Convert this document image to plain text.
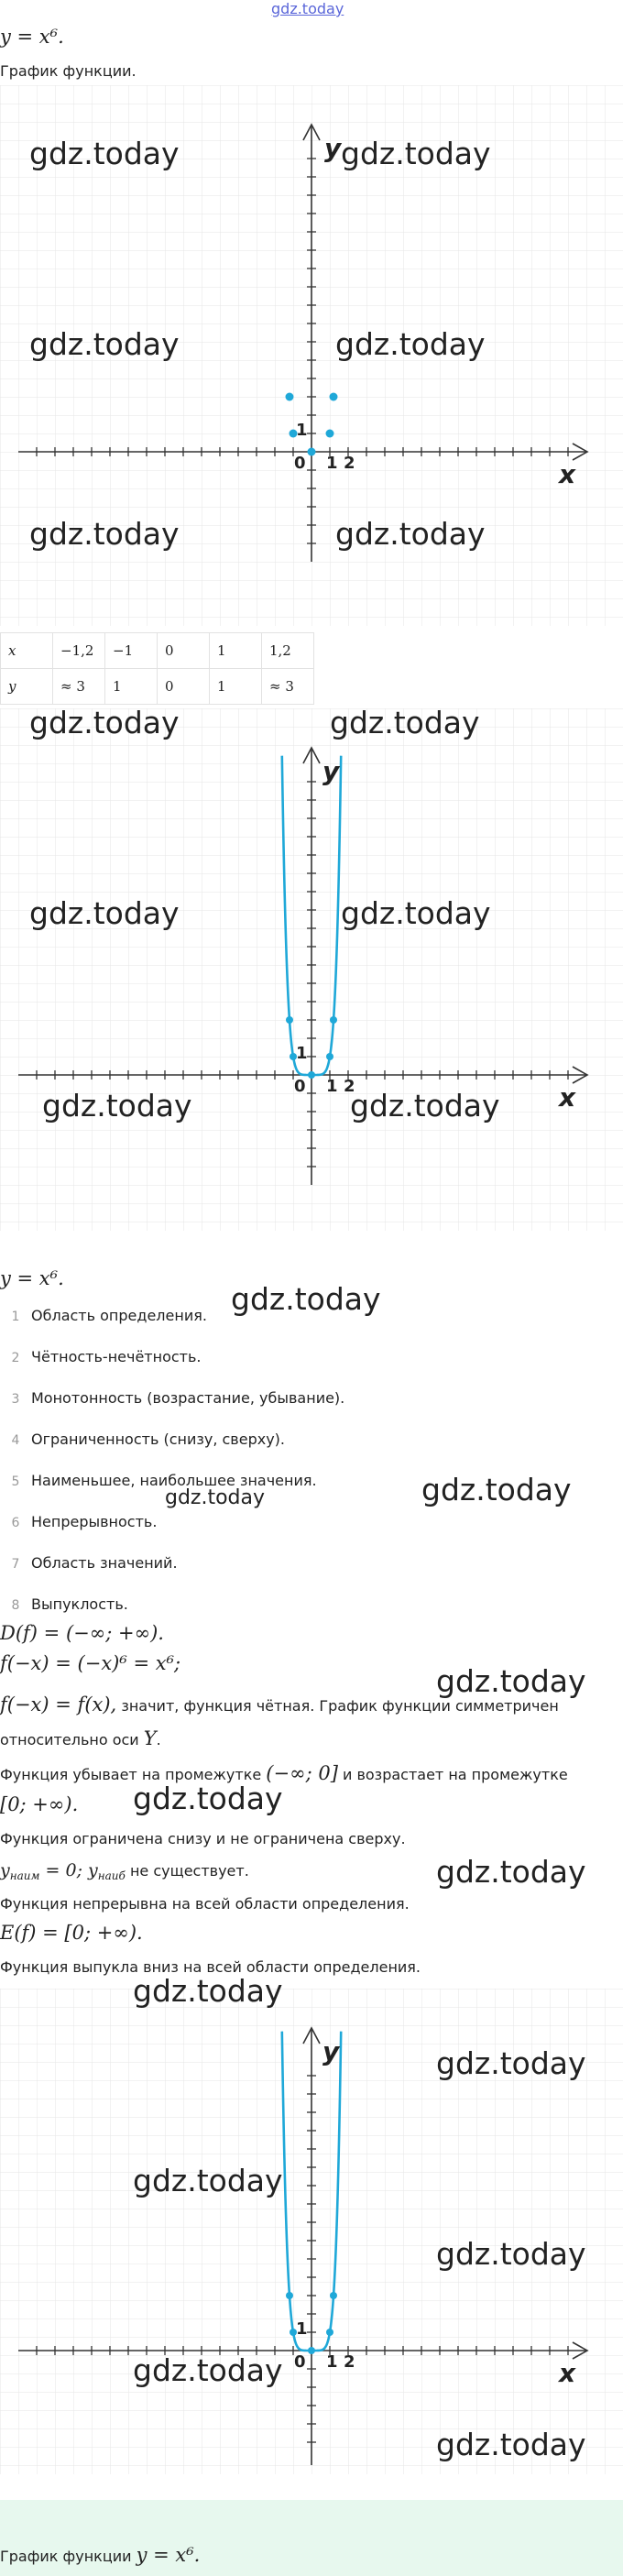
gdz.today
y = x⁶.
График функции.
y
x
0 1 2
1
gdz.today	gdz.today
gdz.today	gdz.today
gdz.today	gdz.today
x	−1,2	−1	0	1	1,2
y	≈ 3	1	0	1	≈ 3
y
x
0 1 2
1
gdz.today	gdz.today
gdz.today	gdz.today
gdz.today	gdz.today
y = x⁶.
gdz.today
1 Область определения.
2 Чётность-нечётность.
3 Монотонность (возрастание, убывание).
4 Ограниченность (снизу, сверху).
5 Наименьшее, наибольшее значения.
gdz.today	gdz.today
6 Непрерывность.
7 Область значений.
8 Выпуклость.
D(f) = (−∞; +∞).
f(−x) = (−x)⁶ = x⁶;	gdz.today
f(−x) = f(x), значит, функция чётная. График функции симметричен
относительно оси Y.
Функция убывает на промежутке (−∞; 0] и возрастает на промежутке
[0; +∞). gdz.today
Функция ограничена снизу и не ограничена сверху.
$y_{наим} = 0$; $y_{наиб}$ не существует.	gdz.today
Функция непрерывна на всей области определения.
E(f) = [0; +∞).
Функция выпукла вниз на всей области определения.
y
x
0 1 2
1
gdz.today
gdz.today
gdz.today
gdz.today
gdz.today
gdz.today
График функции y = x⁶.
